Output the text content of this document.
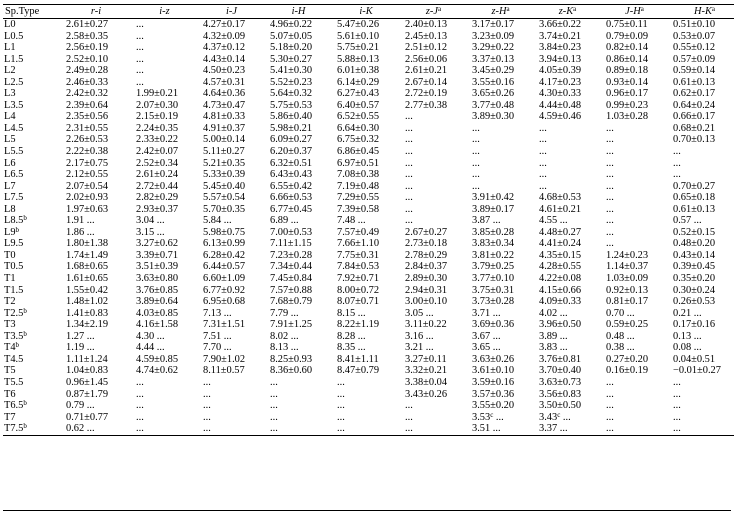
Sp.Type	r-i	i-z	i-J	i-H	i-K	$z-J^a$	$z-H^a$	$z-K^a$	$J-H^a$	$H-K^a$
L0	2.61±0.27	...	4.27±0.17	4.96±0.22	5.47±0.26	2.40±0.13	3.17±0.17	3.66±0.22	0.75±0.11	0.51±0.10
L0.5	2.58±0.35	...	4.32±0.09	5.07±0.05	5.61±0.10	2.45±0.13	3.23±0.09	3.74±0.21	0.79±0.09	0.53±0.07
L1	2.56±0.19	...	4.37±0.12	5.18±0.20	5.75±0.21	2.51±0.12	3.29±0.22	3.84±0.23	0.82±0.14	0.55±0.12
L1.5	2.52±0.10	...	4.43±0.14	5.30±0.27	5.88±0.13	2.56±0.06	3.37±0.13	3.94±0.13	0.86±0.14	0.57±0.09
L2	2.49±0.28	...	4.50±0.23	5.41±0.30	6.01±0.38	2.61±0.21	3.45±0.29	4.05±0.39	0.89±0.18	0.59±0.14
L2.5	2.46±0.33	...	4.57±0.31	5.52±0.23	6.14±0.29	2.67±0.14	3.55±0.16	4.17±0.23	0.93±0.14	0.61±0.13
L3	2.42±0.32	1.99±0.21	4.64±0.36	5.64±0.32	6.27±0.43	2.72±0.19	3.65±0.26	4.30±0.33	0.96±0.17	0.62±0.17
L3.5	2.39±0.64	2.07±0.30	4.73±0.47	5.75±0.53	6.40±0.57	2.77±0.38	3.77±0.48	4.44±0.48	0.99±0.23	0.64±0.24
L4	2.35±0.56	2.15±0.19	4.81±0.33	5.86±0.40	6.52±0.55	...	3.89±0.30	4.59±0.46	1.03±0.28	0.66±0.17
L4.5	2.31±0.55	2.24±0.35	4.91±0.37	5.98±0.21	6.64±0.30	...	...	...	...	0.68±0.21
L5	2.26±0.53	2.33±0.22	5.00±0.14	6.09±0.27	6.75±0.32	...	...	...	...	0.70±0.13
L5.5	2.22±0.38	2.42±0.07	5.11±0.27	6.20±0.37	6.86±0.45	...	...	...	...	...
L6	2.17±0.75	2.52±0.34	5.21±0.35	6.32±0.51	6.97±0.51	...	...	...	...	...
L6.5	2.12±0.55	2.61±0.24	5.33±0.39	6.43±0.43	7.08±0.38	...	...	...	...	...
L7	2.07±0.54	2.72±0.44	5.45±0.40	6.55±0.42	7.19±0.48	...	...	...	...	0.70±0.27
L7.5	2.02±0.93	2.82±0.29	5.57±0.54	6.66±0.53	7.29±0.55	...	3.91±0.42	4.68±0.53	...	0.65±0.18
L8	1.97±0.63	2.93±0.37	5.70±0.35	6.77±0.45	7.39±0.58	...	3.89±0.17	4.61±0.21	...	0.61±0.13
L8.5$^b$	1.91 ...	3.04 ...	5.84 ...	6.89 ...	7.48 ...	...	3.87 ...	4.55 ...	...	0.57 ...
L9$^b$	1.86 ...	3.15 ...	5.98±0.75	7.00±0.53	7.57±0.49	2.67±0.27	3.85±0.28	4.48±0.27	...	0.52±0.15
L9.5	1.80±1.38	3.27±0.62	6.13±0.99	7.11±1.15	7.66±1.10	2.73±0.18	3.83±0.34	4.41±0.24	...	0.48±0.20
T0	1.74±1.49	3.39±0.71	6.28±0.42	7.23±0.28	7.75±0.31	2.78±0.29	3.81±0.22	4.35±0.15	1.24±0.23	0.43±0.14
T0.5	1.68±0.65	3.51±0.39	6.44±0.57	7.34±0.44	7.84±0.53	2.84±0.37	3.79±0.25	4.28±0.55	1.14±0.37	0.39±0.45
T1	1.61±0.65	3.63±0.80	6.60±1.09	7.45±0.84	7.92±0.71	2.89±0.30	3.77±0.10	4.22±0.08	1.03±0.09	0.35±0.20
T1.5	1.55±0.42	3.76±0.85	6.77±0.92	7.57±0.88	8.00±0.72	2.94±0.31	3.75±0.31	4.15±0.66	0.92±0.13	0.30±0.24
T2	1.48±1.02	3.89±0.64	6.95±0.68	7.68±0.79	8.07±0.71	3.00±0.10	3.73±0.28	4.09±0.33	0.81±0.17	0.26±0.53
T2.5$^b$	1.41±0.83	4.03±0.85	7.13 ...	7.79 ...	8.15 ...	3.05 ...	3.71 ...	4.02 ...	0.70 ...	0.21 ...
T3	1.34±2.19	4.16±1.58	7.31±1.51	7.91±1.25	8.22±1.19	3.11±0.22	3.69±0.36	3.96±0.50	0.59±0.25	0.17±0.16
T3.5$^b$	1.27 ...	4.30 ...	7.51 ...	8.02 ...	8.28 ...	3.16 ...	3.67 ...	3.89 ...	0.48 ...	0.13 ...
T4$^b$	1.19 ...	4.44 ...	7.70 ...	8.13 ...	8.35 ...	3.21 ...	3.65 ...	3.83 ...	0.38 ...	0.08 ...
T4.5	1.11±1.24	4.59±0.85	7.90±1.02	8.25±0.93	8.41±1.11	3.27±0.11	3.63±0.26	3.76±0.81	0.27±0.20	0.04±0.51
T5	1.04±0.83	4.74±0.62	8.11±0.57	8.36±0.60	8.47±0.79	3.32±0.21	3.61±0.10	3.70±0.40	0.16±0.19	−0.01±0.27
T5.5	0.96±1.45	...	...	...	...	3.38±0.04	3.59±0.16	3.63±0.73	...	...
T6	0.87±1.79	...	...	...	...	3.43±0.26	3.57±0.36	3.56±0.83	...	...
T6.5$^b$	0.79 ...	...	...	...	...	...	3.55±0.20	3.50±0.50	...	...
T7	0.71±0.77	...	...	...	...	...	3.53$^c$ ...	3.43$^c$ ...	...	...
T7.5$^b$	0.62 ...	...	...	...	...	...	3.51 ...	3.37 ...	...	...
